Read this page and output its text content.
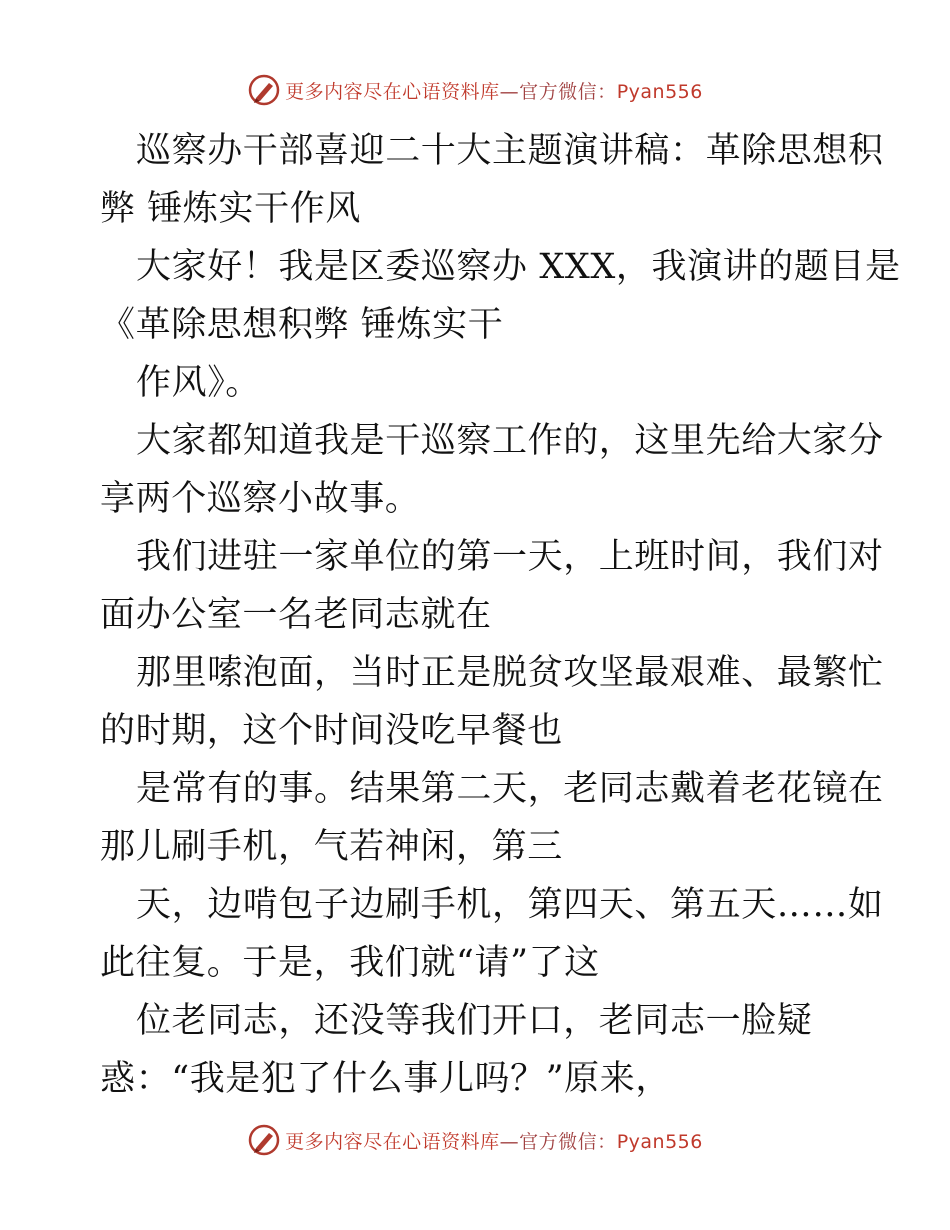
更多内容尽在心语资料库—官方微信：Pyan556
巡察办干部喜迎二十大主题演讲稿：革除思想积
弊 锤炼实干作风
大家好！我是区委巡察办 XXX，我演讲的题目是
《革除思想积弊 锤炼实干
作风》。
大家都知道我是干巡察工作的，这里先给大家分
享两个巡察小故事。
我们进驻一家单位的第一天，上班时间，我们对
面办公室一名老同志就在
那里嗦泡面，当时正是脱贫攻坚最艰难、最繁忙
的时期，这个时间没吃早餐也
是常有的事。结果第二天，老同志戴着老花镜在
那儿刷手机，气若神闲，第三
天，边啃包子边刷手机，第四天、第五天……如
此往复。于是，我们就“请”了这
位老同志，还没等我们开口，老同志一脸疑
惑：“我是犯了什么事儿吗？”原来，
更多内容尽在心语资料库—官方微信：Pyan556
